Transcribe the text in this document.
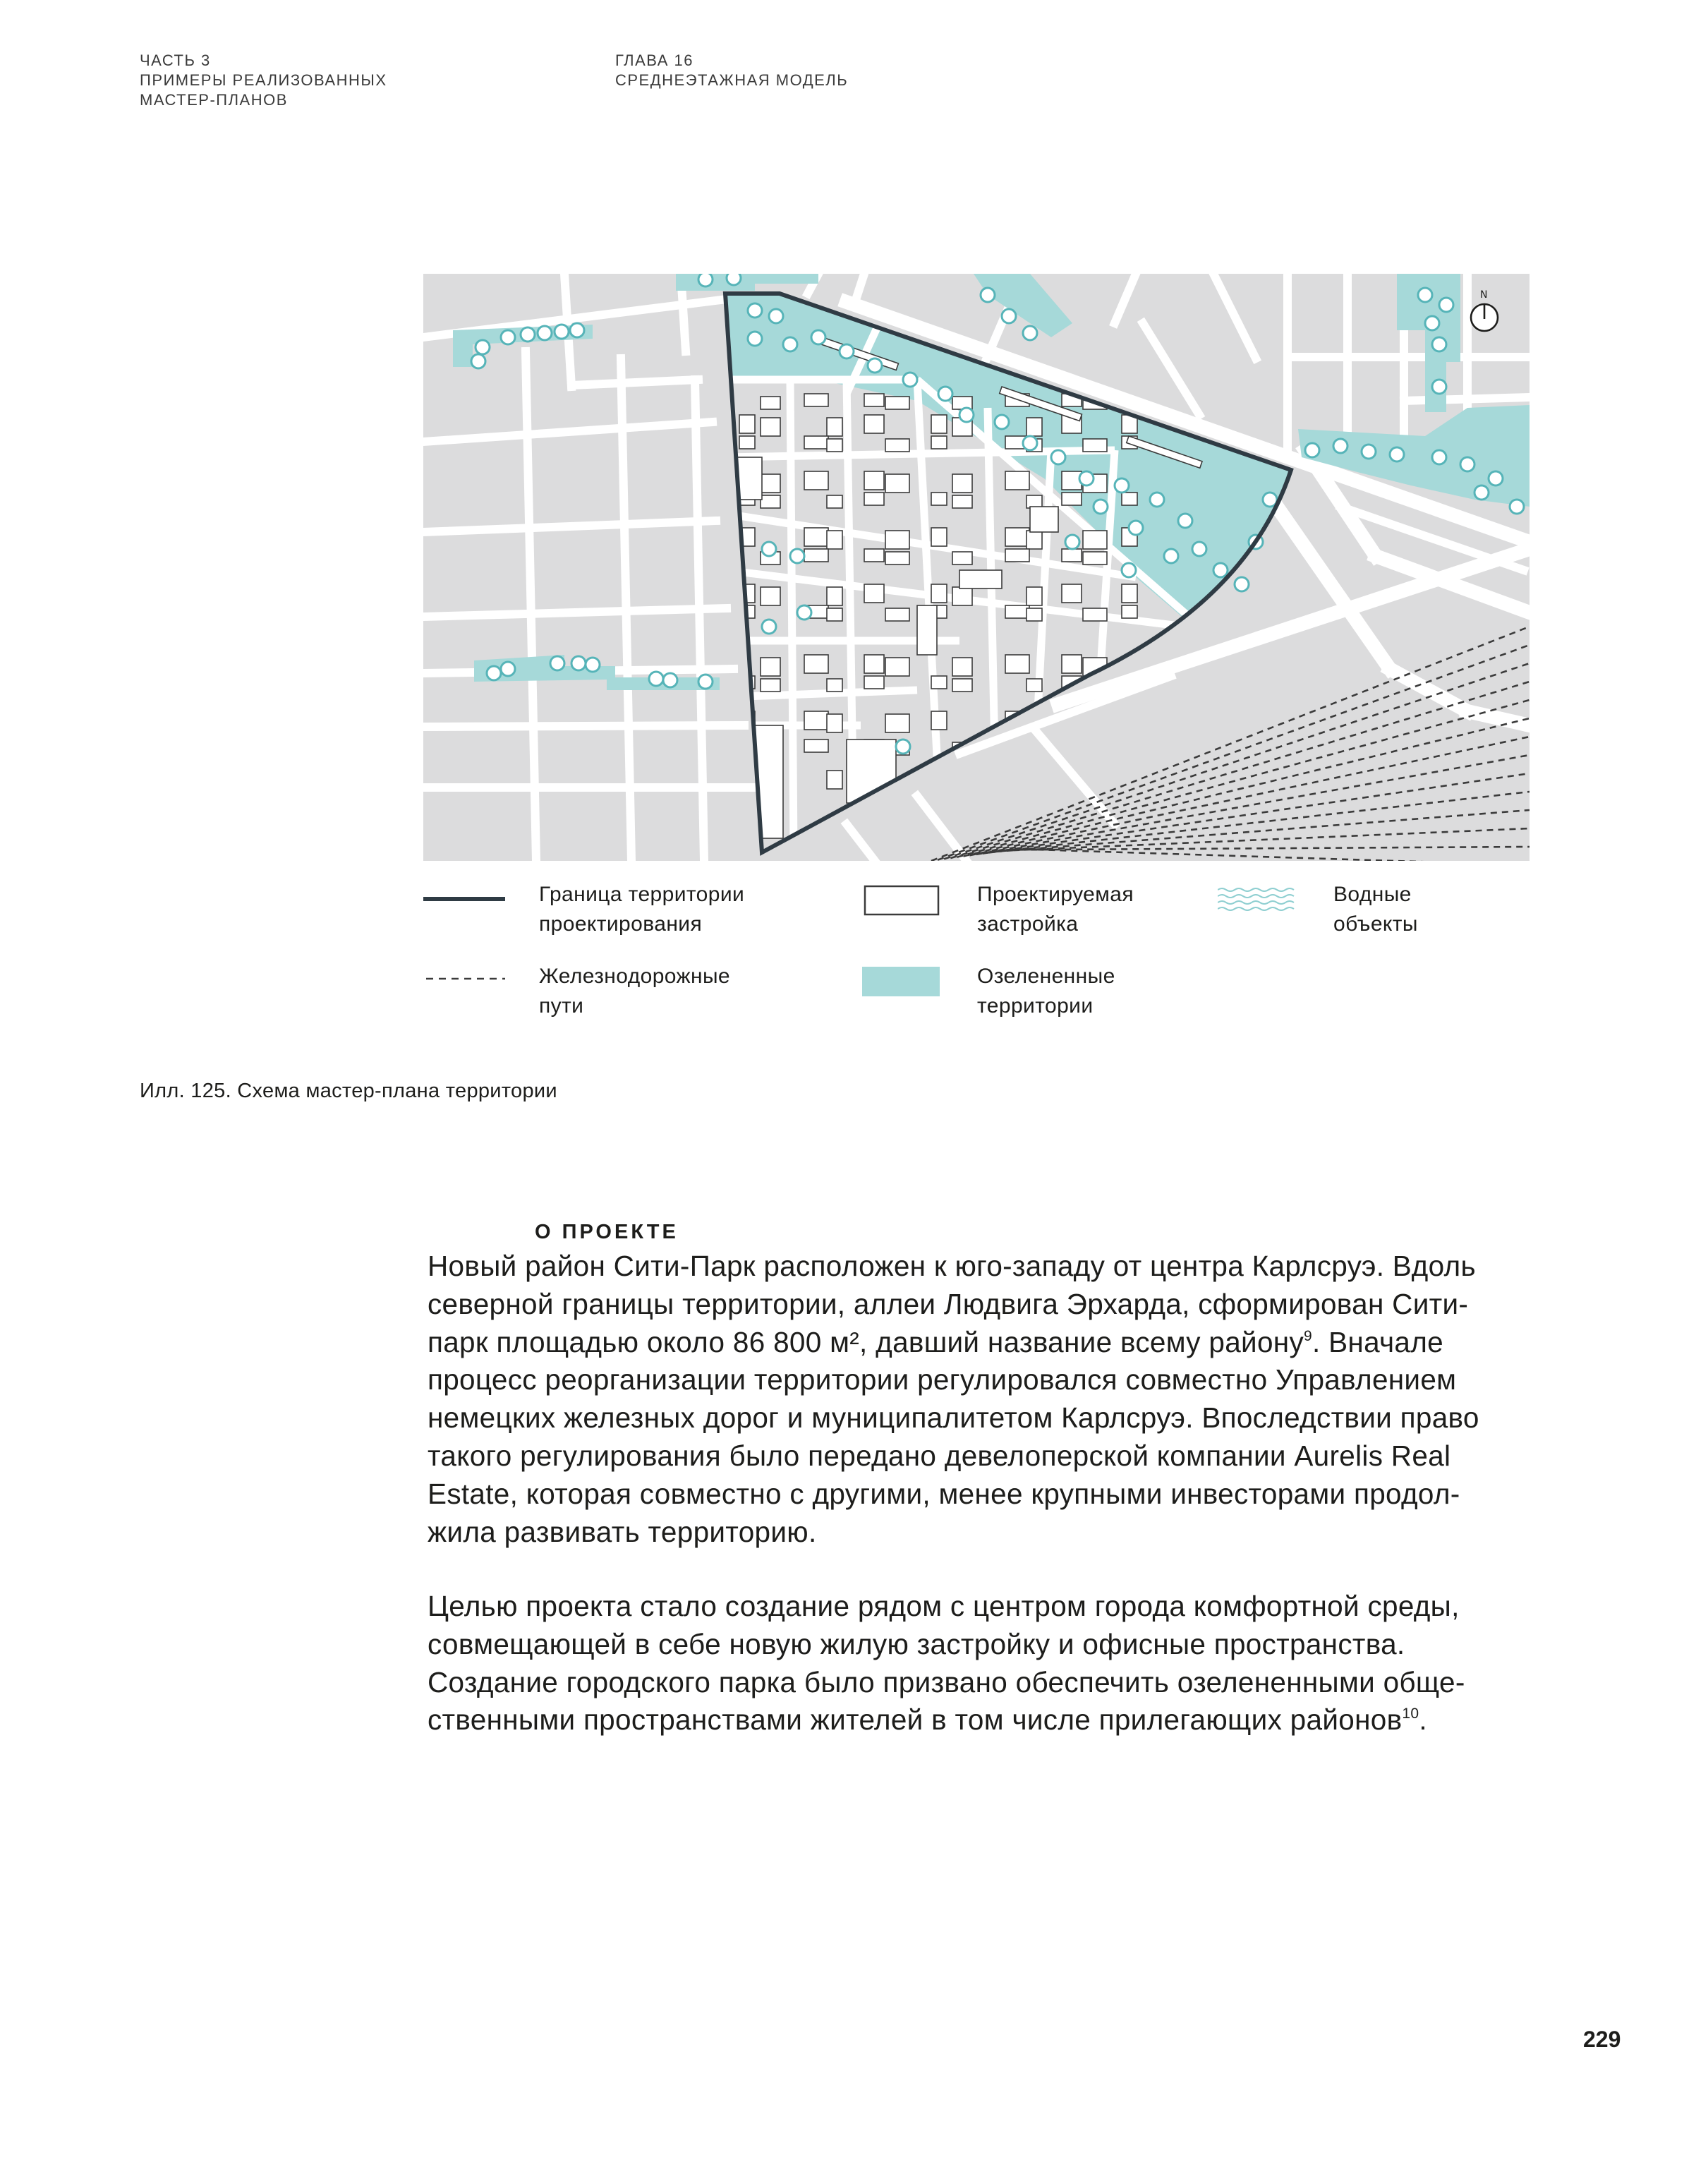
ЧАСТЬ 3
ПРИМЕРЫ РЕАЛИЗОВАННЫХ
МАСТЕР-ПЛАНОВ
ГЛАВА 16
СРЕДНЕЭТАЖНАЯ МОДЕЛЬ
N
Граница территории
проектирования
Проектируемая
застройка
Водные
объекты
Железнодорожные
пути
Озелененные
территории
Илл. 125. Схема мастер-плана территории
О ПРОЕКТЕ
Новый район Сити-Парк расположен к юго-западу от центра Карлсруэ. Вдоль
северной границы территории, аллеи Людвига Эрхарда, сформирован Сити-
парк площадью около 86 800 м², давший название всему району$^9$. Вначале
процесс реорганизации территории регулировался совместно Управлением
немецких железных дорог и муниципалитетом Карлсруэ. Впоследствии право
такого регулирования было передано девелоперской компании Aurelis Real
Estate, которая совместно с другими, менее крупными инвесторами продол-
жила развивать территорию.
Целью проекта стало создание рядом с центром города комфортной среды,
совмещающей в себе новую жилую застройку и офисные пространства.
Создание городского парка было призвано обеспечить озелененными обще-
ственными пространствами жителей в том числе прилегающих районов$^{10}$.
229
